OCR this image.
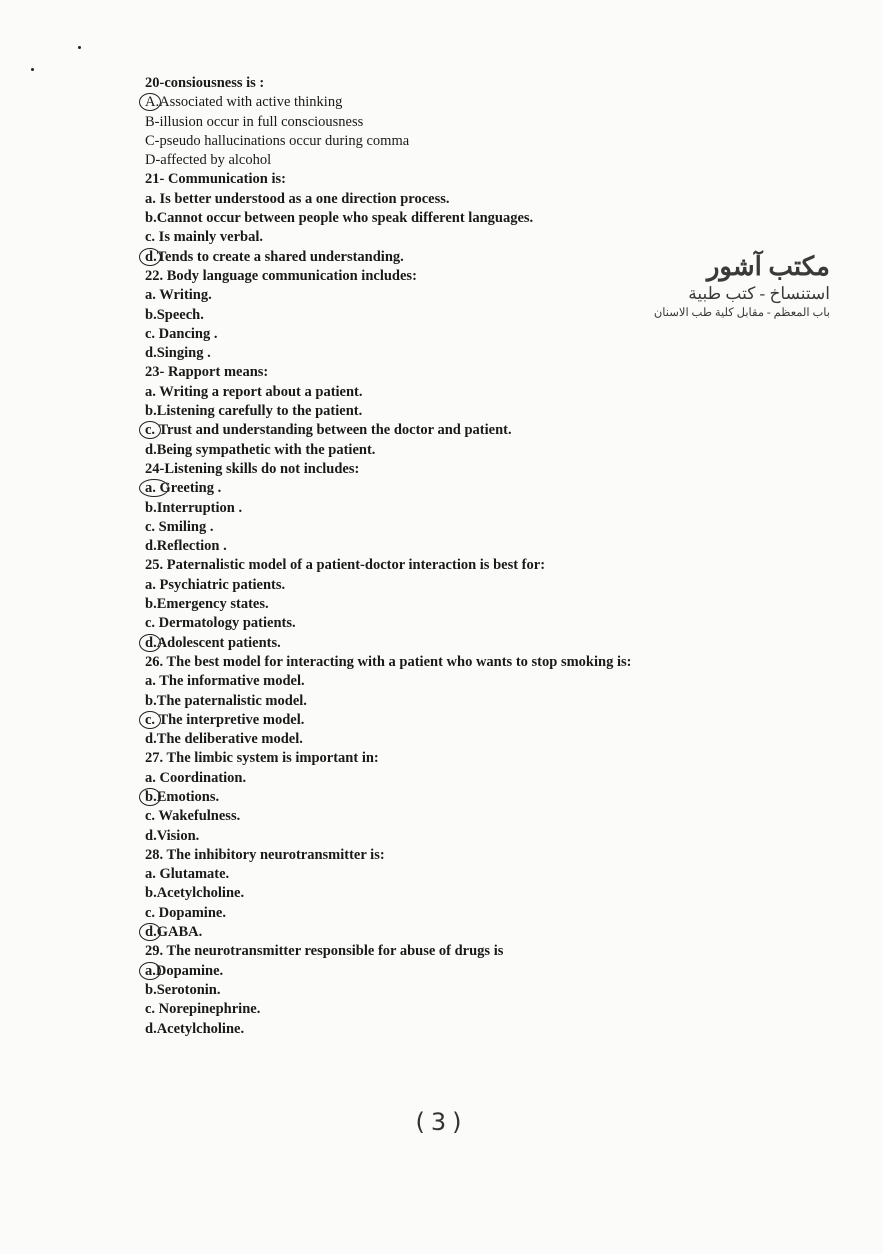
20-consiousness is :
A.Associated with active thinking
B-illusion occur in full consciousness
C-pseudo hallucinations occur during comma
D-affected by alcohol
21- Communication is:
a. Is better understood as a one direction process.
b.Cannot occur between people who speak different languages.
c. Is mainly verbal.
d.Tends to create a shared understanding.
22. Body language communication includes:
a. Writing.
b.Speech.
c. Dancing .
d.Singing .
23- Rapport means:
a. Writing a report about a patient.
b.Listening carefully to the patient.
c. Trust and understanding between the doctor and patient.
d.Being sympathetic with the patient.
24-Listening skills do not includes:
a. Greeting .
b.Interruption .
c. Smiling .
d.Reflection .
25. Paternalistic model of a patient-doctor interaction is best for:
a. Psychiatric patients.
b.Emergency states.
c. Dermatology patients.
d.Adolescent patients.
26. The best model for interacting with a patient who wants to stop smoking is:
a. The informative model.
b.The paternalistic model.
c. The interpretive model.
d.The deliberative model.
27. The limbic system is important in:
a. Coordination.
b.Emotions.
c. Wakefulness.
d.Vision.
28. The inhibitory neurotransmitter is:
a. Glutamate.
b.Acetylcholine.
c. Dopamine.
d.GABA.
29. The neurotransmitter responsible for abuse of drugs is
a.Dopamine.
b.Serotonin.
c. Norepinephrine.
d.Acetylcholine.
مكتب آشور
استنساخ - كتب طبية
باب المعظم - مقابل كلية طب الاسنان
(3)
